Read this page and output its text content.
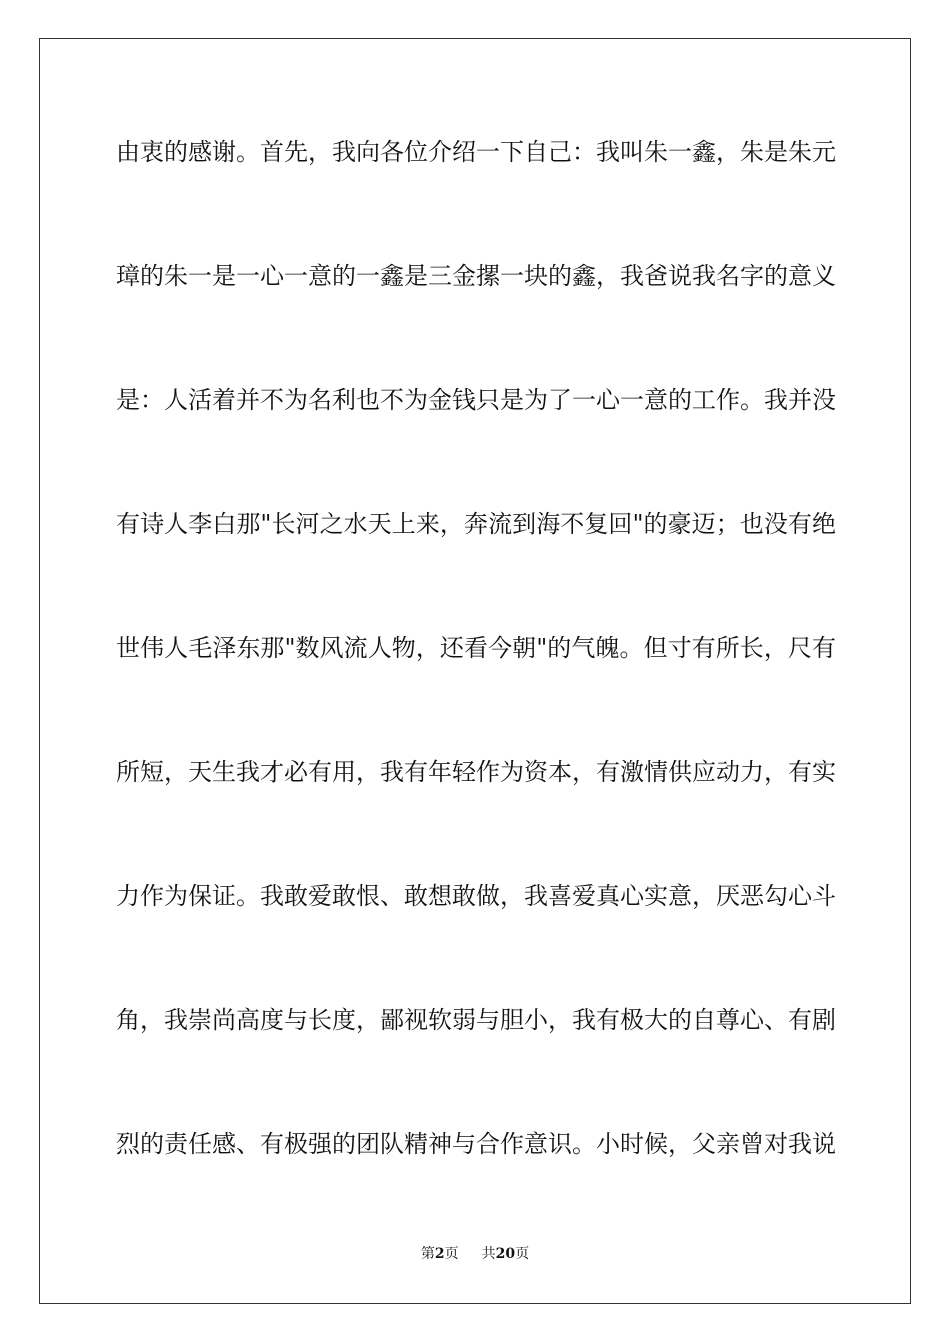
由衷的感谢。首先，我向各位介绍一下自己：我叫朱一鑫，朱是朱元
璋的朱一是一心一意的一鑫是三金摞一块的鑫，我爸说我名字的意义
是：人活着并不为名利也不为金钱只是为了一心一意的工作。我并没
有诗人李白那"长河之水天上来，奔流到海不复回"的豪迈；也没有绝
世伟人毛泽东那"数风流人物，还看今朝"的气魄。但寸有所长，尺有
所短，天生我才必有用，我有年轻作为资本，有激情供应动力，有实
力作为保证。我敢爱敢恨、敢想敢做，我喜爱真心实意，厌恶勾心斗
角，我崇尚高度与长度，鄙视软弱与胆小，我有极大的自尊心、有剧
烈的责任感、有极强的团队精神与合作意识。小时候，父亲曾对我说
第2页 共20页
